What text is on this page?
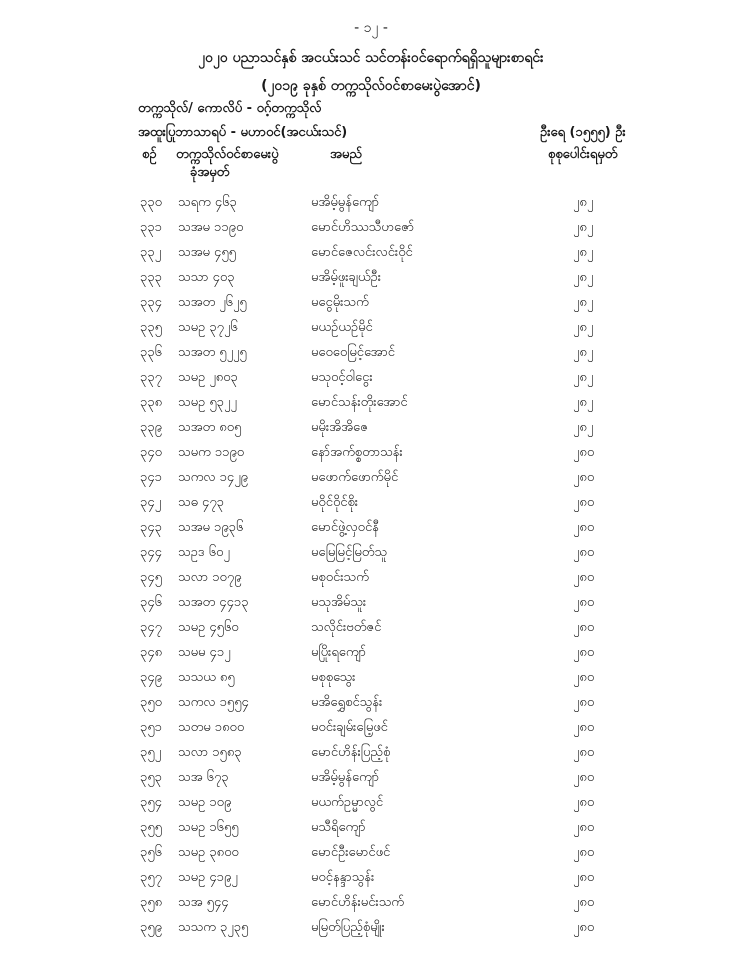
- ၁၂ -
၂၀၂၀ ပညာသင်နှစ် အငယ်းသင် သင်တန်းဝင်ရောက်ရရှိသူများစာရင်း
(၂၀၁၉ ခုနှစ် တက္ကသိုလ်ဝင်စာမေးပွဲအောင်)
တက္ကသိုလ်/ ကောလိပ် - ဝဂ့်တက္ကသိုလ်
အထူးပြုဘာသာရပ် - မဟာဝင်(အငယ်းသင်)	ဦးရေ (၁၅၅၅) ဦး
စဉ် တက္ကသိုလ်ဝင်စာမေးပွဲ
ခုံအမှတ်
အမည်	စုစုပေါင်းရမှတ်
၃၃၀ သရက ၄၆၃	မအိမ့်မွန်ကျော်	၂၈၂
၃၃၁ သအမ ၁၁၉၀	မောင်ဟိဿသီဟဇော်	၂၈၂
၃၃၂ သအမ ၄၅၅	မောင်ဇေလင်းလင်းဝိုင်	၂၈၂
၃၃၃ သသာ ၄၀၃	မအိမ့်ဖူးချယ်ဦး	၂၈၂
၃၃၄ သအတ ၂၆၂၅	မငွေမိုးသက်	၂၈၂
၃၃၅ သမဥ ၃၇၂၆	မယဉ်ယဉ်မိုင်	၂၈၂
၃၃၆ သအတ ၅၂၂၅	မဝေဝေမြင့်အောင်	၂၈၂
၃၃၇ သမဥ ၂၈၀၃	မသုဝင့်ဝါငွေး	၂၈၂
၃၃၈ သမဥ ၅၃၂၂	မောင်သန်းတိုးအောင်	၂၈၂
၃၃၉ သအတ ၈၀၅	မမိုးအိအိဇေ	၂၈၂
၃၄၀ သမက ၁၁၉၀	နော်အက်စ္စတာသန်း	၂၈၀
၃၄၁ သကလ ၁၄၂၉	မဖောက်ဖောက်မိုင်	၂၈၀
၃၄၂ သဓ ၄၇၃	မဝိုင်ဝိုင်စိုး	၂၈၀
၃၄၃ သအမ ၁၉၃၆	မောင်ဖွဲ့လှဝင်နီ	၂၈၀
၃၄၄ သဥဒ ၆၀၂	မမြေမြင့်မြတ်သူ	၂၈၀
၃၄၅ သလာ ၁၀၇၉	မစုဝင်းသက်	၂၈၀
၃၄၆ သအတ ၄၄၁၃	မသုအိမ်သူး	၂၈၀
၃၄၇ သမဥ ၄၅၆၀	သလိုင်းဗတ်ဇင်	၂၈၀
၃၄၈ သမမ ၄၁၂	မပြိုးရကျော်	၂၈၀
၃၄၉ သသယ ၈၅	မစုစုသွေး	၂၈၀
၃၅၀ သကလ ၁၅၅၄	မအိရွှေစင်သွန်း	၂၈၀
၃၅၁ သတမ ၁၈၀၀	မဝင်းချမ်းမြေ့ဖင်	၂၈၀
၃၅၂ သလာ ၁၅၈၃	မောင်ဟိန်းပြည့်စုံ	၂၈၀
၃၅၃ သအ ၆၇၃	မအိမ့်မွန်ကျော်	၂၈၀
၃၅၄ သမဥ ၁၀၉	မယက်ဥမ္မာလွင်	၂၈၀
၃၅၅ သမဥ ၁၆၅၅	မသီရိကျော်	၂၈၀
၃၅၆ သမဥ ၃၈၀၀	မောင်ဦးမောင်ဖင်	၂၈၀
၃၅၇ သမဥ ၄၁၉၂	မဝင့်နန္ဒာသွန်း	၂၈၀
၃၅၈ သအ ၅၄၄	မောင်ဟိန်းမင်းသက်	၂၈၀
၃၅၉ သသက ၃၂၃၅	မမြတ်ပြည့်စုံမျိုး	၂၈၀
